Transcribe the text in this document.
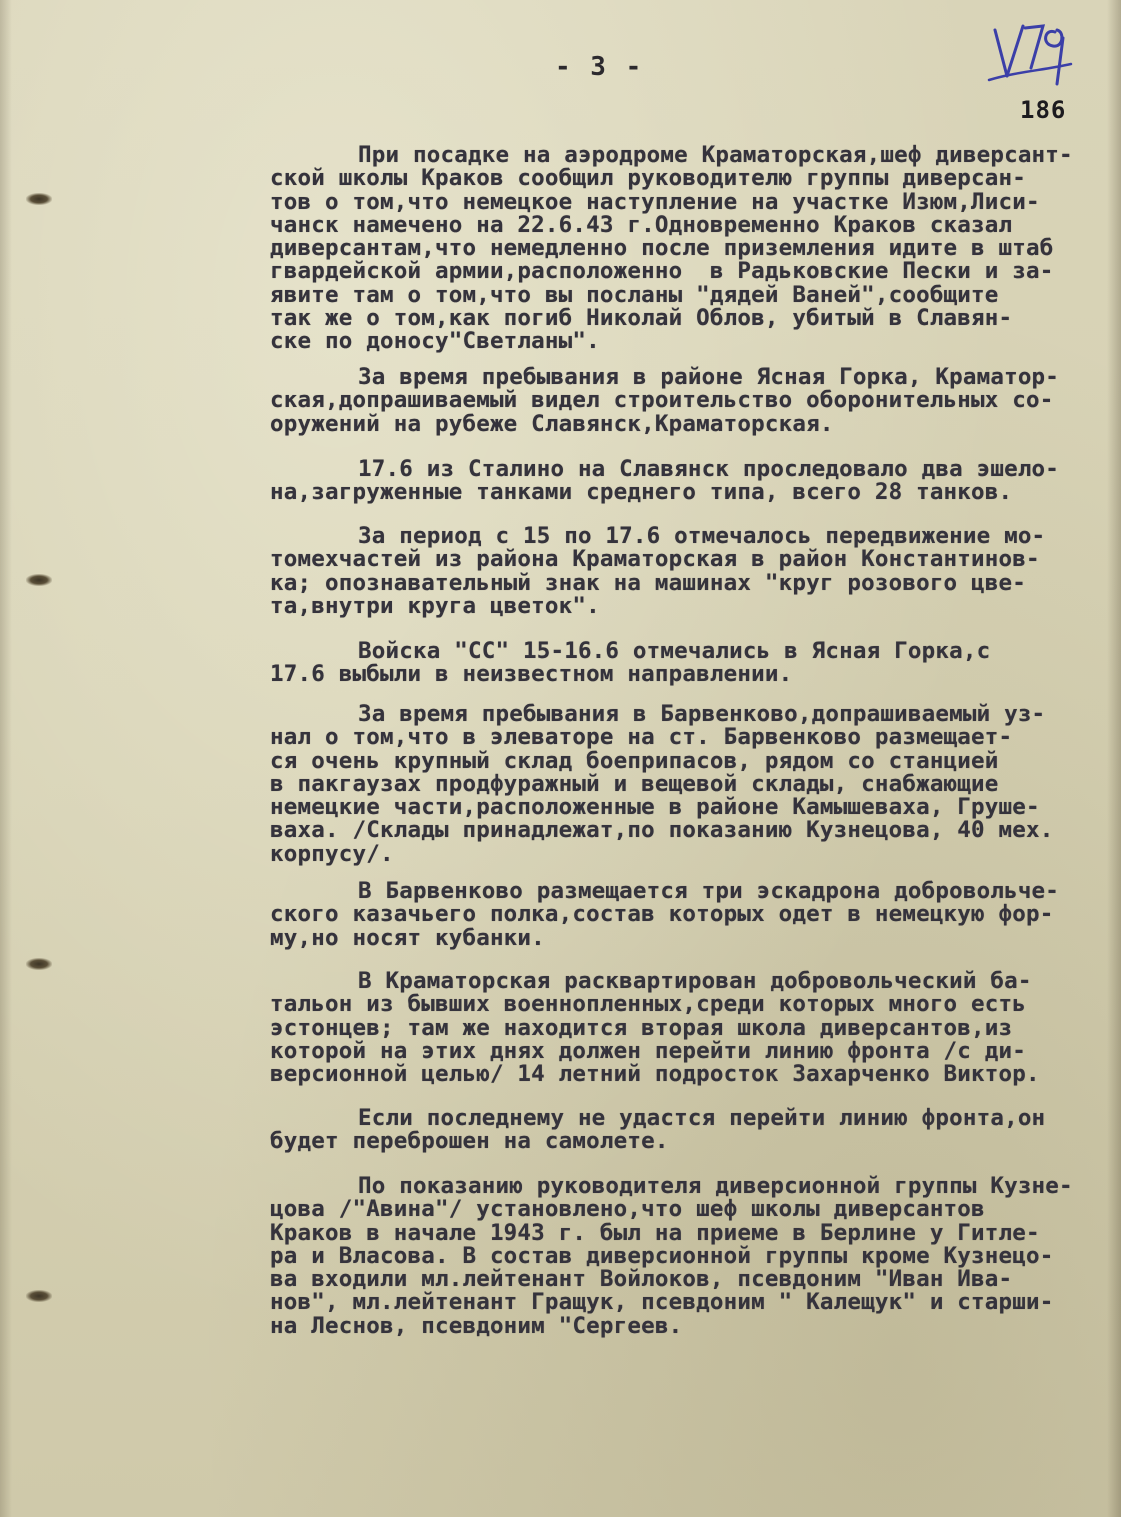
- 3 -
186
При посадке на аэродроме Краматорская,шеф диверсант-
ской школы Краков сообщил руководителю группы диверсан-
тов о том,что немецкое наступление на участке Изюм,Лиси-
чанск намечено на 22.6.43 г.Одновременно Краков сказал
диверсантам,что немедленно после приземления идите в штаб
гвардейской армии,расположенно  в Радьковские Пески и за-
явите там о том,что вы посланы "дядей Ваней",сообщите
так же о том,как погиб Николай Облов, убитый в Славян-
ске по доносу"Светланы".
За время пребывания в районе Ясная Горка, Краматор-
ская,допрашиваемый видел строительство оборонительных со-
оружений на рубеже Славянск,Краматорская.
17.6 из Сталино на Славянск проследовало два эшело-
на,загруженные танками среднего типа, всего 28 танков.
За период с 15 по 17.6 отмечалось передвижение мо-
томехчастей из района Краматорская в район Константинов-
ка; опознавательный знак на машинах "круг розового цве-
та,внутри круга цветок".
Войска "СС" 15-16.6 отмечались в Ясная Горка,с
17.6 выбыли в неизвестном направлении.
За время пребывания в Барвенково,допрашиваемый уз-
нал о том,что в элеваторе на ст. Барвенково размещает-
ся очень крупный склад боеприпасов, рядом со станцией
в пакгаузах продфуражный и вещевой склады, снабжающие
немецкие части,расположенные в районе Камышеваха, Груше-
ваха. /Склады принадлежат,по показанию Кузнецова, 40 мех.
корпусу/.
В Барвенково размещается три эскадрона добровольче-
ского казачьего полка,состав которых одет в немецкую фор-
му,но носят кубанки.
В Краматорская расквартирован добровольческий ба-
тальон из бывших военнопленных,среди которых много есть
эстонцев; там же находится вторая школа диверсантов,из
которой на этих днях должен перейти линию фронта /с ди-
версионной целью/ 14 летний подросток Захарченко Виктор.
Если последнему не удастся перейти линию фронта,он
будет переброшен на самолете.
По показанию руководителя диверсионной группы Кузне-
цова /"Авина"/ установлено,что шеф школы диверсантов
Краков в начале 1943 г. был на приеме в Берлине у Гитле-
ра и Власова. В состав диверсионной группы кроме Кузнецо-
ва входили мл.лейтенант Войлоков, псевдоним "Иван Ива-
нов", мл.лейтенант Гращук, псевдоним " Калещук" и старши-
на Леснов, псевдоним "Сергеев.
